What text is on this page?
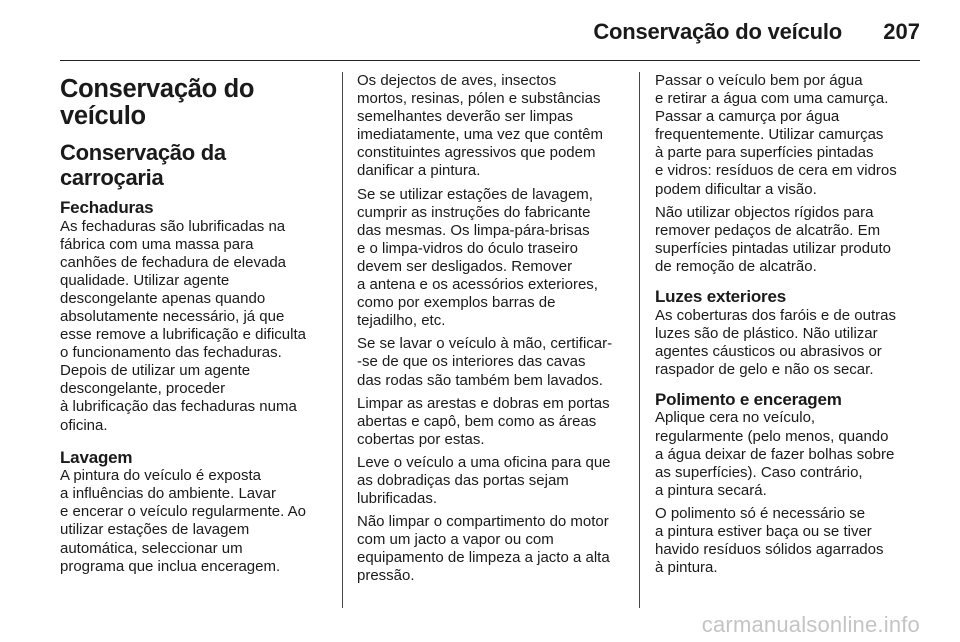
Conservação do veículo 207
Conservação do
veículo
Conservação da
carroçaria
Fechaduras

As fechaduras são lubrificadas na
fábrica com uma massa para
canhões de fechadura de elevada
qualidade. Utilizar agente
descongelante apenas quando
absolutamente necessário, já que
esse remove a lubrificação e dificulta
o funcionamento das fechaduras.
Depois de utilizar um agente
descongelante, proceder
à lubrificação das fechaduras numa
oficina.

Lavagem

A pintura do veículo é exposta
a influências do ambiente. Lavar
e encerar o veículo regularmente. Ao
utilizar estações de lavagem
automática, seleccionar um
programa que inclua enceragem.

Os dejectos de aves, insectos
mortos, resinas, pólen e substâncias
semelhantes deverão ser limpas
imediatamente, uma vez que contêm
constituintes agressivos que podem
danificar a pintura.

Se se utilizar estações de lavagem,
cumprir as instruções do fabricante
das mesmas. Os limpa-pára-brisas
e o limpa-vidros do óculo traseiro
devem ser desligados. Remover
a antena e os acessórios exteriores,
como por exemplos barras de
tejadilho, etc.

Se se lavar o veículo à mão, certificar-
-se de que os interiores das cavas
das rodas são também bem lavados.

Limpar as arestas e dobras em portas
abertas e capô, bem como as áreas
cobertas por estas.

Leve o veículo a uma oficina para que
as dobradiças das portas sejam
lubrificadas.

Não limpar o compartimento do motor
com um jacto a vapor ou com
equipamento de limpeza a jacto a alta
pressão.

Passar o veículo bem por água
e retirar a água com uma camurça.
Passar a camurça por água
frequentemente. Utilizar camurças
à parte para superfícies pintadas
e vidros: resíduos de cera em vidros
podem dificultar a visão.

Não utilizar objectos rígidos para
remover pedaços de alcatrão. Em
superfícies pintadas utilizar produto
de remoção de alcatrão.

Luzes exteriores

As coberturas dos faróis e de outras
luzes são de plástico. Não utilizar
agentes cáusticos ou abrasivos or
raspador de gelo e não os secar.

Polimento e enceragem

Aplique cera no veículo,
regularmente (pelo menos, quando
a água deixar de fazer bolhas sobre
as superfícies). Caso contrário,
a pintura secará.

O polimento só é necessário se
a pintura estiver baça ou se tiver
havido resíduos sólidos agarrados
à pintura.

carmanualsonline.info
